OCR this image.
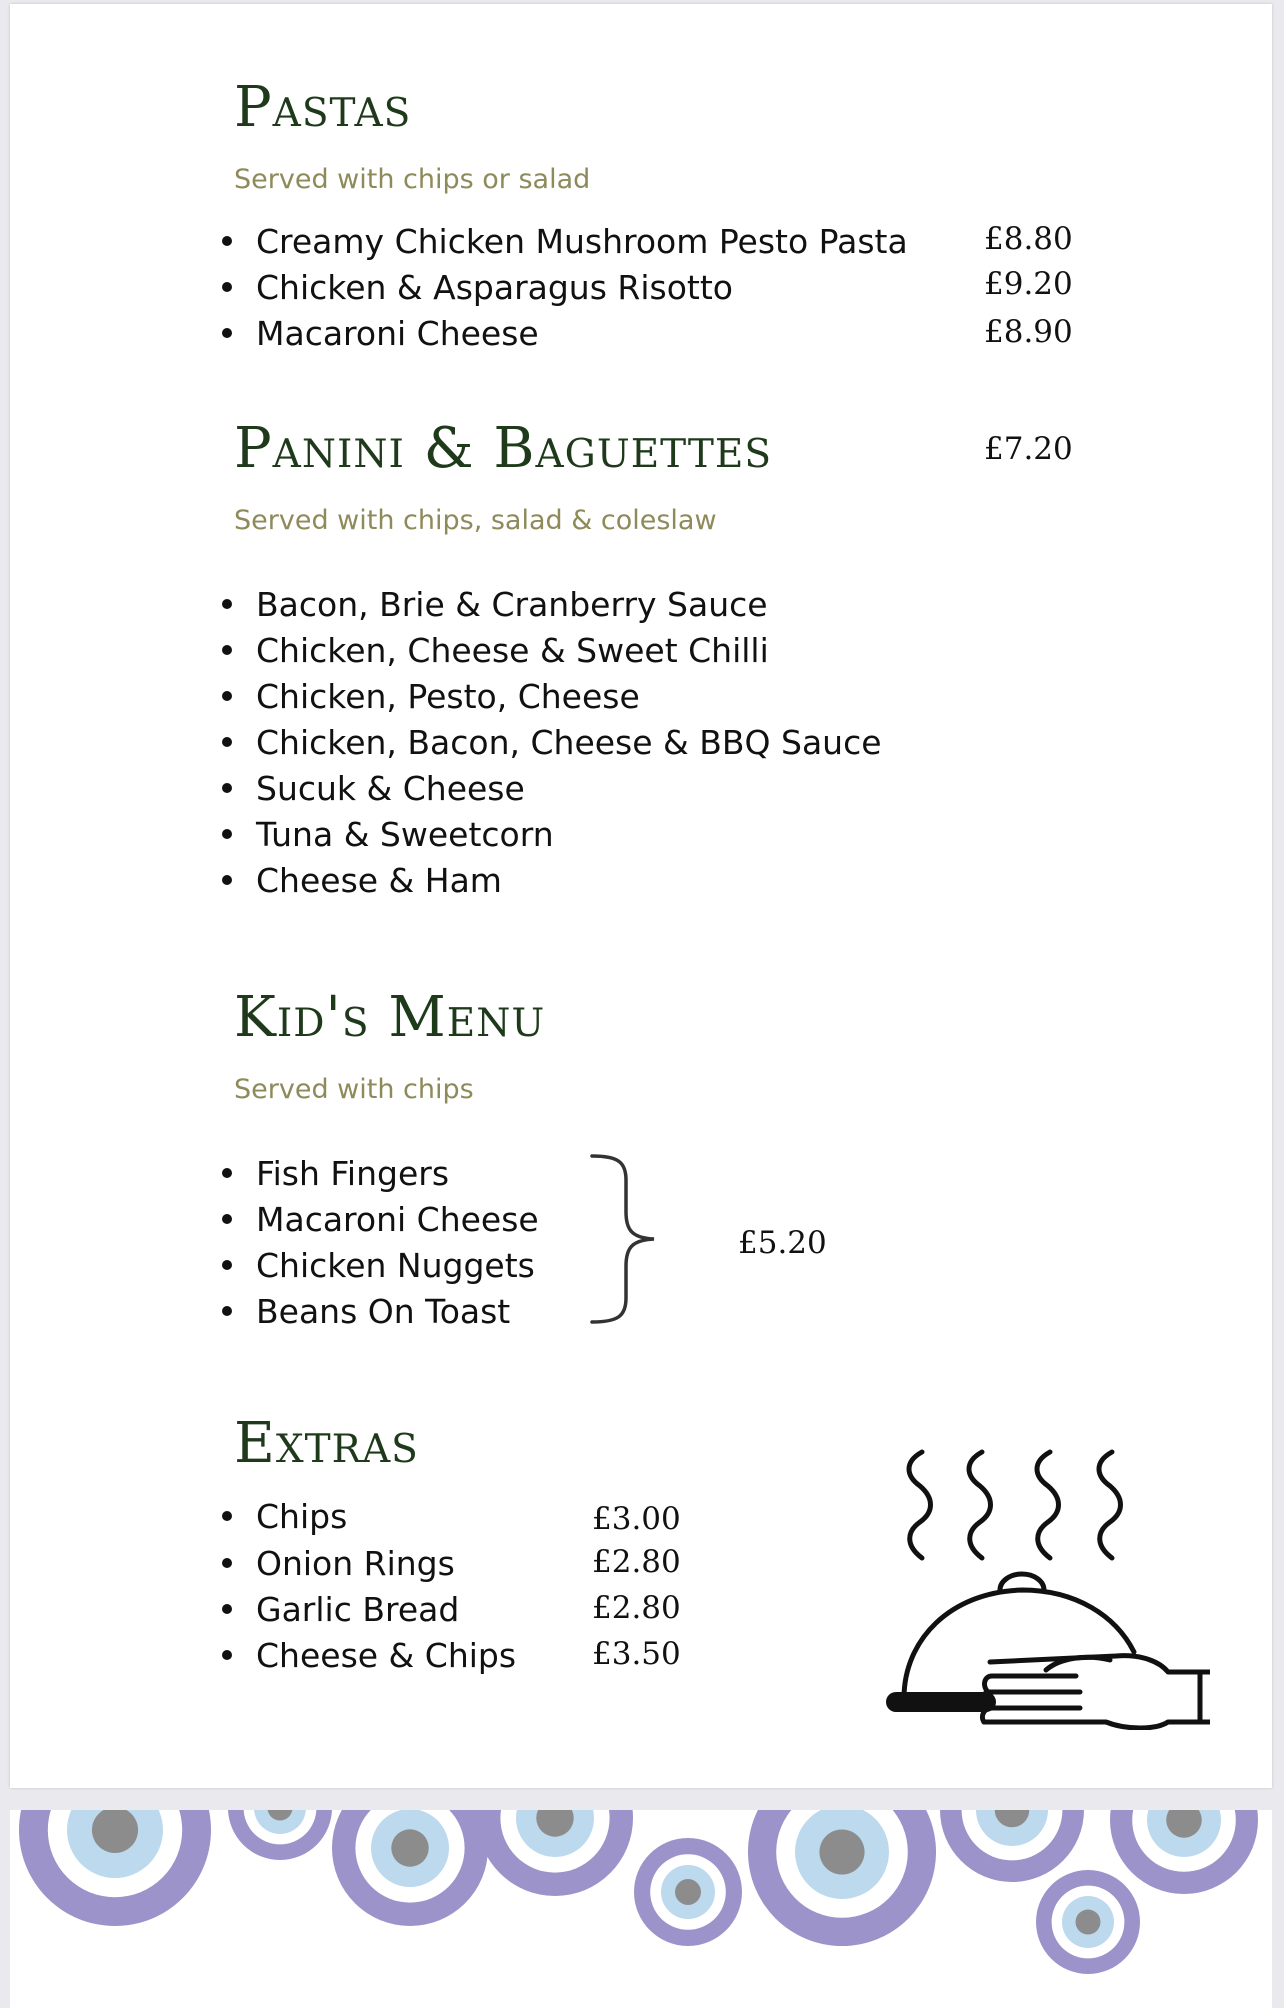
Pastas

Served with chips or salad

Creamy Chicken Mushroom Pesto Pasta £8.80

Chicken & Asparagus Risotto	£9.20

Macaroni Cheese	£8.90

Panini & Baguettes	£7.20

Served with chips, salad & coleslaw

Bacon, Brie & Cranberry Sauce

Chicken, Cheese & Sweet Chilli

Chicken, Pesto, Cheese

Chicken, Bacon, Cheese & BBQ Sauce

Sucuk & Cheese

Tuna & Sweetcorn

Cheese & Ham

Kid's Menu

Served with chips

Fish Fingers

Macaroni Cheese

Chicken Nuggets

Beans On Toast

£5.20

Extras

Chips	£3.00

Onion Rings	£2.80

Garlic Bread	£2.80

Cheese & Chips £3.50
